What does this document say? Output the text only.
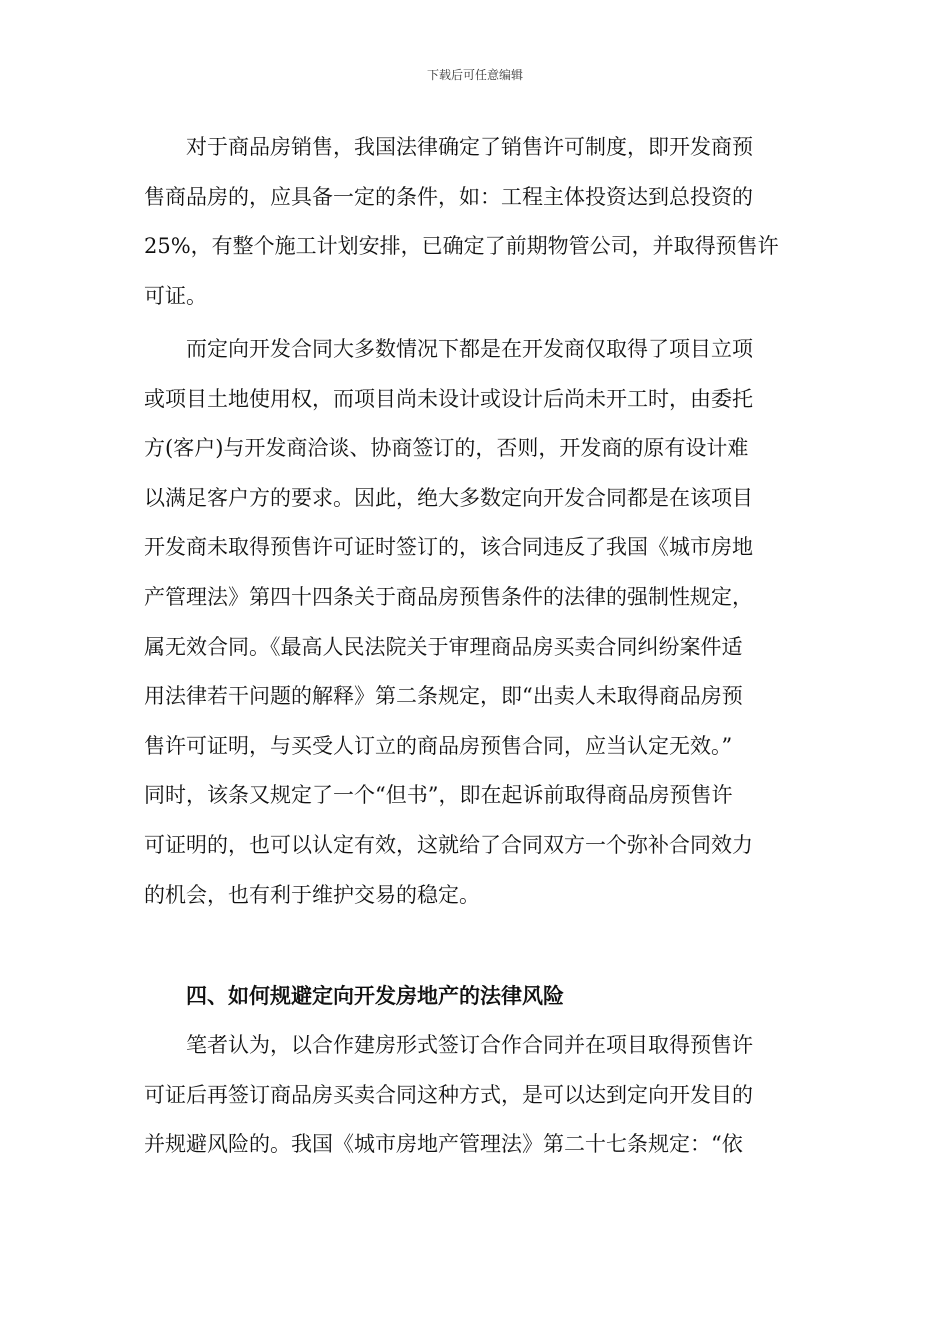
下载后可任意编辑
对于商品房销售，我国法律确定了销售许可制度，即开发商预
售商品房的，应具备一定的条件，如：工程主体投资达到总投资的
25%，有整个施工计划安排，已确定了前期物管公司，并取得预售许
可证。
而定向开发合同大多数情况下都是在开发商仅取得了项目立项
或项目土地使用权，而项目尚未设计或设计后尚未开工时，由委托
方(客户)与开发商洽谈、协商签订的，否则，开发商的原有设计难
以满足客户方的要求。因此，绝大多数定向开发合同都是在该项目
开发商未取得预售许可证时签订的，该合同违反了我国《城市房地
产管理法》第四十四条关于商品房预售条件的法律的强制性规定，
属无效合同。《最高人民法院关于审理商品房买卖合同纠纷案件适
用法律若干问题的解释》第二条规定，即“出卖人未取得商品房预
售许可证明，与买受人订立的商品房预售合同，应当认定无效。”
同时，该条又规定了一个“但书”，即在起诉前取得商品房预售许
可证明的，也可以认定有效，这就给了合同双方一个弥补合同效力
的机会，也有利于维护交易的稳定。
四、如何规避定向开发房地产的法律风险
笔者认为，以合作建房形式签订合作合同并在项目取得预售许
可证后再签订商品房买卖合同这种方式，是可以达到定向开发目的
并规避风险的。我国《城市房地产管理法》第二十七条规定：“依
